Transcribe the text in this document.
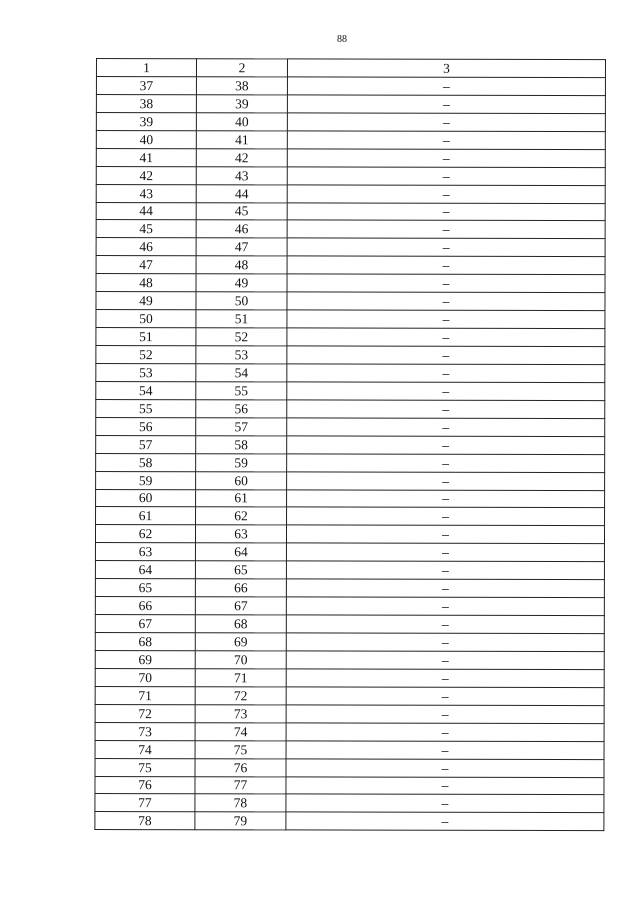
88
1	2	3
37	38	–
38	39	–
39	40	–
40	41	–
41	42	–
42	43	–
43	44	–
44	45	–
45	46	–
46	47	–
47	48	–
48	49	–
49	50	–
50	51	–
51	52	–
52	53	–
53	54	–
54	55	–
55	56	–
56	57	–
57	58	–
58	59	–
59	60	–
60	61	–
61	62	–
62	63	–
63	64	–
64	65	–
65	66	–
66	67	–
67	68	–
68	69	–
69	70	–
70	71	–
71	72	–
72	73	–
73	74	–
74	75	–
75	76	–
76	77	–
77	78	–
78	79	–
